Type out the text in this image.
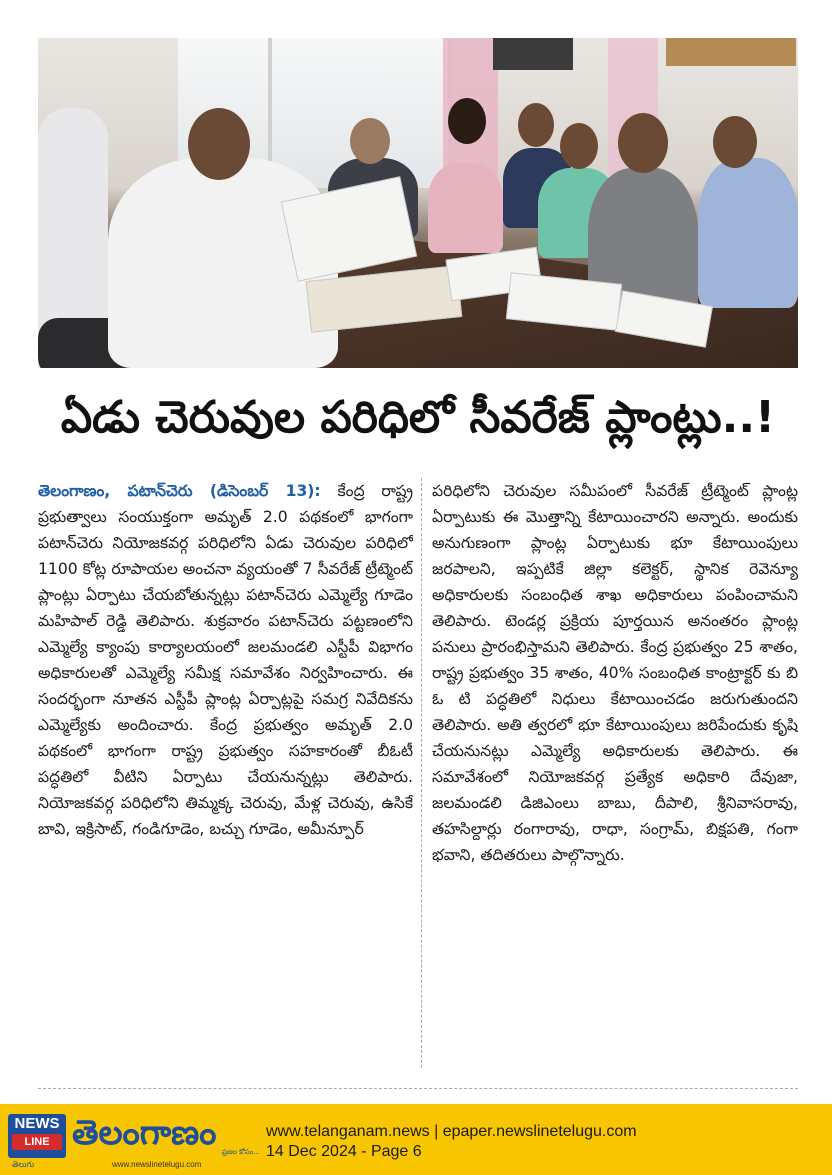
ఏడు చెరువుల పరిధిలో సీవరేజ్ ప్లాంట్లు..!
తెలంగాణం, పటాన్‌చెరు (డిసెంబర్ 13): కేంద్ర రాష్ట్ర ప్రభుత్వాలు సంయుక్తంగా అమృత్ 2.0 పథకంలో భాగంగా పటాన్‌చెరు నియోజకవర్గ పరిధిలోని ఏడు చెరువుల పరిధిలో 1100 కోట్ల రూపాయల అంచనా వ్యయంతో 7 సీవరేజ్ ట్రీట్మెంట్ ప్లాంట్లు ఏర్పాటు చేయబోతున్నట్లు పటాన్‌చెరు ఎమ్మెల్యే గూడెం మహిపాల్ రెడ్డి తెలిపారు. శుక్రవారం పటాన్‌చెరు పట్టణంలోని ఎమ్మెల్యే క్యాంపు కార్యాలయంలో జలమండలి ఎస్టీపీ విభాగం అధికారులతో ఎమ్మెల్యే సమీక్ష సమావేశం నిర్వహించారు. ఈ సందర్భంగా నూతన ఎస్టీపీ ప్లాంట్ల ఏర్పాట్లపై సమగ్ర నివేదికను ఎమ్మెల్యేకు అందించారు. కేంద్ర ప్రభుత్వం అమృత్ 2.0 పథకంలో భాగంగా రాష్ట్ర ప్రభుత్వం సహకారంతో బీఓటీ పద్ధతిలో వీటిని ఏర్పాటు చేయనున్నట్లు తెలిపారు. నియోజకవర్గ పరిధిలోని తిమ్మక్క చెరువు, మేళ్ల చెరువు, ఉసికే బావి, ఇక్రిసాట్, గండిగూడెం, బచ్చు గూడెం, అమీన్పూర్
పరిధిలోని చెరువుల సమీపంలో సీవరేజ్ ట్రీట్మెంట్ ప్లాంట్ల ఏర్పాటుకు ఈ మొత్తాన్ని కేటాయించారని అన్నారు. అందుకు అనుగుణంగా ప్లాంట్ల ఏర్పాటుకు భూ కేటాయింపులు జరపాలని, ఇప్పటికే జిల్లా కలెక్టర్, స్థానిక రెవెన్యూ అధికారులకు సంబంధిత శాఖ అధికారులు పంపించామని తెలిపారు. టెండర్ల ప్రక్రియ పూర్తయిన అనంతరం ప్లాంట్ల పనులు ప్రారంభిస్తామని తెలిపారు. కేంద్ర ప్రభుత్వం 25 శాతం, రాష్ట్ర ప్రభుత్వం 35 శాతం, 40% సంబంధిత కాంట్రాక్టర్ కు బి ఓ టి పద్ధతిలో నిధులు కేటాయించడం జరుగుతుందని తెలిపారు. అతి త్వరలో భూ కేటాయింపులు జరిపేందుకు కృషి చేయనునట్లు ఎమ్మెల్యే అధికారులకు తెలిపారు. ఈ సమావేశంలో నియోజకవర్గ ప్రత్యేక అధికారి దేవుజా, జలమండలి డిజిఎంలు బాబు, దీపాలి, శ్రీనివాసరావు, తహసిల్దార్లు రంగారావు, రాధా, సంగ్రామ్, బిక్షపతి, గంగా భవాని, తదితరులు పాల్గొన్నారు.
NEWS
LINE
తెలుగు
తెలంగాణం ప్రజల కోసం...
www.newslinetelugu.com
www.telanganam.news | epaper.newslinetelugu.com
14 Dec 2024 - Page 6
